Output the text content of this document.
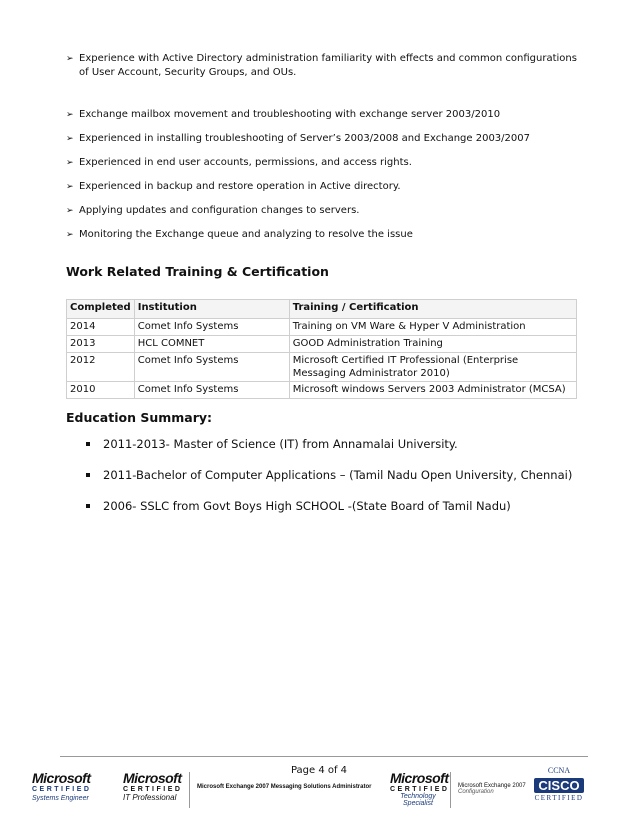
➢ Experience with Active Directory administration familiarity with effects and common configurations of User Account, Security Groups, and OUs.
➢ Exchange mailbox movement and troubleshooting with exchange server 2003/2010
➢ Experienced in installing troubleshooting of Server’s 2003/2008 and Exchange 2003/2007
➢ Experienced in end user accounts, permissions, and access rights.
➢ Experienced in backup and restore operation in Active directory.
➢ Applying updates and configuration changes to servers.
➢ Monitoring the Exchange queue and analyzing to resolve the issue
Work Related Training & Certification
Completed	Institution	Training / Certification
2014	Comet Info Systems	Training on VM Ware & Hyper V Administration
2013	HCL COMNET	GOOD Administration Training
2012	Comet Info Systems	Microsoft Certified IT Professional (Enterprise Messaging Administrator 2010)
2010	Comet Info Systems	Microsoft windows Servers 2003 Administrator (MCSA)
Education Summary:
2011-2013- Master of Science (IT) from Annamalai University.
2011-Bachelor of Computer Applications – (Tamil Nadu Open University, Chennai)
2006- SSLC from Govt Boys High SCHOOL -(State Board of Tamil Nadu)
Page 4 of 4
Microsoft
CERTIFIED
Systems Engineer
Microsoft
CERTIFIED
IT Professional
Microsoft Exchange 2007 Messaging Solutions Administrator
Microsoft
CERTIFIED
Technology
Specialist
Microsoft Exchange 2007
Configuration
CCNA
CISCO
CERTIFIED
